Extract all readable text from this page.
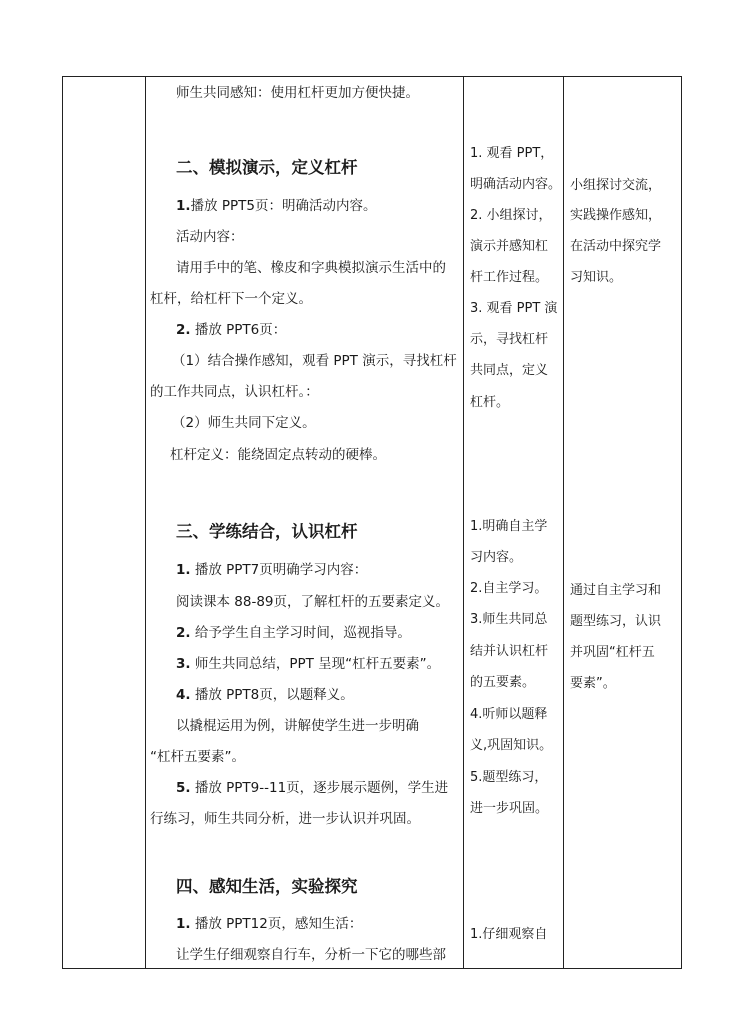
师生共同感知：使用杠杆更加方便快捷。
二、模拟演示，定义杠杆
1.播放 PPT5页：明确活动内容。
活动内容：
请用手中的笔、橡皮和字典模拟演示生活中的
杠杆，给杠杆下一个定义。
2. 播放 PPT6页：
（1）结合操作感知，观看 PPT 演示，寻找杠杆
的工作共同点，认识杠杆。：
（2）师生共同下定义。
杠杆定义：能绕固定点转动的硬棒。
三、学练结合，认识杠杆
1. 播放 PPT7页明确学习内容：
阅读课本 88-89页，了解杠杆的五要素定义。
2. 给予学生自主学习时间，巡视指导。
3. 师生共同总结，PPT 呈现“杠杆五要素”。
4. 播放 PPT8页，以题释义。
以撬棍运用为例，讲解使学生进一步明确
“杠杆五要素”。
5. 播放 PPT9--11页，逐步展示题例，学生进
行练习，师生共同分析，进一步认识并巩固。
四、感知生活，实验探究
1. 播放 PPT12页，感知生活：
让学生仔细观察自行车，分析一下它的哪些部
1. 观看 PPT，
明确活动内容。
2. 小组探讨，
演示并感知杠
杆工作过程。
3. 观看 PPT 演
示，寻找杠杆
共同点，定义
杠杆。
1.明确自主学
习内容。
2.自主学习。
3.师生共同总
结并认识杠杆
的五要素。
4.听师以题释
义,巩固知识。
5.题型练习，
进一步巩固。
1.仔细观察自
小组探讨交流，
实践操作感知，
在活动中探究学
习知识。
通过自主学习和
题型练习，认识
并巩固“杠杆五
要素”。
